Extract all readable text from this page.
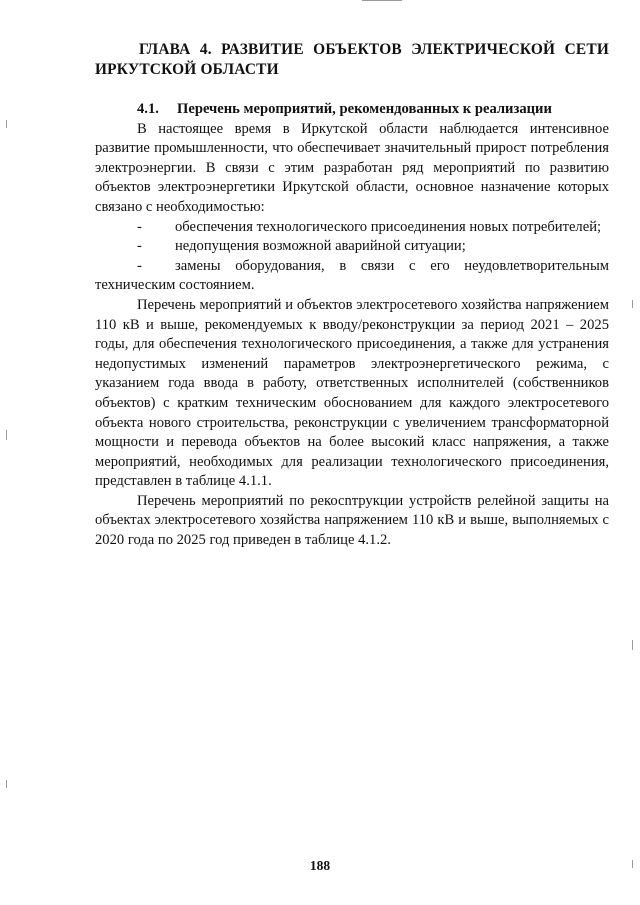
ГЛАВА 4. РАЗВИТИЕ ОБЪЕКТОВ ЭЛЕКТРИЧЕСКОЙ СЕТИ ИРКУТСКОЙ ОБЛАСТИ
4.1. Перечень мероприятий, рекомендованных к реализации

В настоящее время в Иркутской области наблюдается интенсивное развитие промышленности, что обеспечивает значительный прирост потребления электроэнергии. В связи с этим разработан ряд мероприятий по развитию объектов электроэнергетики Иркутской области, основное назначение которых связано с необходимостью:

- обеспечения технологического присоединения новых потребителей;
- недопущения возможной аварийной ситуации;
- замены оборудования, в связи с его неудовлетворительным техническим состоянием.

Перечень мероприятий и объектов электросетевого хозяйства напряжением 110 кВ и выше, рекомендуемых к вводу/реконструкции за период 2021 – 2025 годы, для обеспечения технологического присоединения, а также для устранения недопустимых изменений параметров электроэнергетического режима, с указанием года ввода в работу, ответственных исполнителей (собственников объектов) с кратким техническим обоснованием для каждого электросетевого объекта нового строительства, реконструкции с увеличением трансформаторной мощности и перевода объектов на более высокий класс напряжения, а также мероприятий, необходимых для реализации технологического присоединения, представлен в таблице 4.1.1.

Перечень мероприятий по рекосnтрукции устройств релейной защиты на объектах электросетевого хозяйства напряжением 110 кВ и выше, выполняемых с 2020 года по 2025 год приведен в таблице 4.1.2.

188
